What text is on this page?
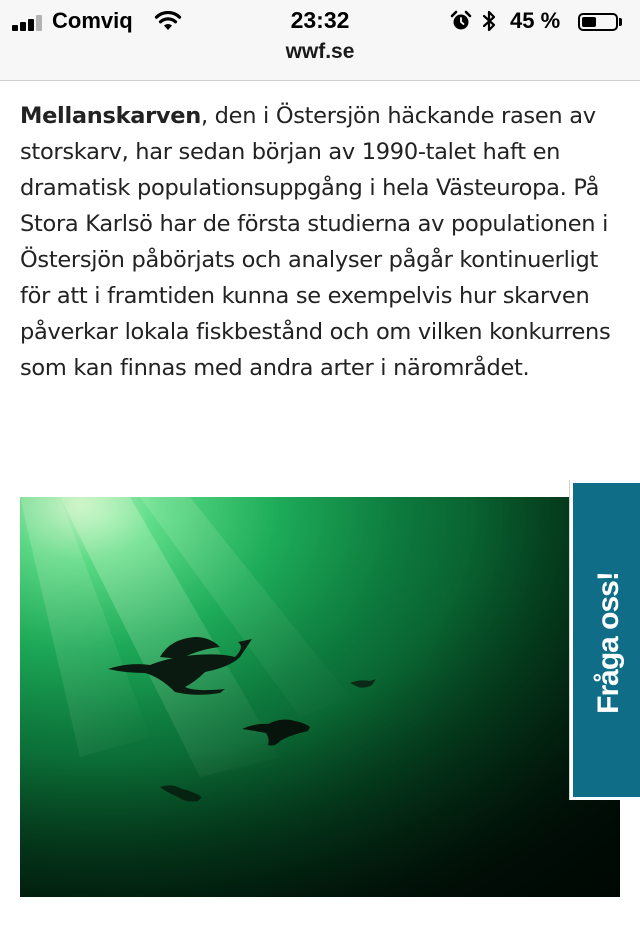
Comviq	23:32	45 %
wwf.se
Mellanskarven, den i Östersjön häckande rasen av storskarv, har sedan början av 1990-talet haft en dramatisk populationsuppgång i hela Västeuropa. På Stora Karlsö har de första studierna av populationen i Östersjön påbörjats och analyser pågår kontinuerligt för att i framtiden kunna se exempelvis hur skarven påverkar lokala fiskbestånd och om vilken konkurrens som kan finnas med andra arter i närområdet.
Fråga oss!
